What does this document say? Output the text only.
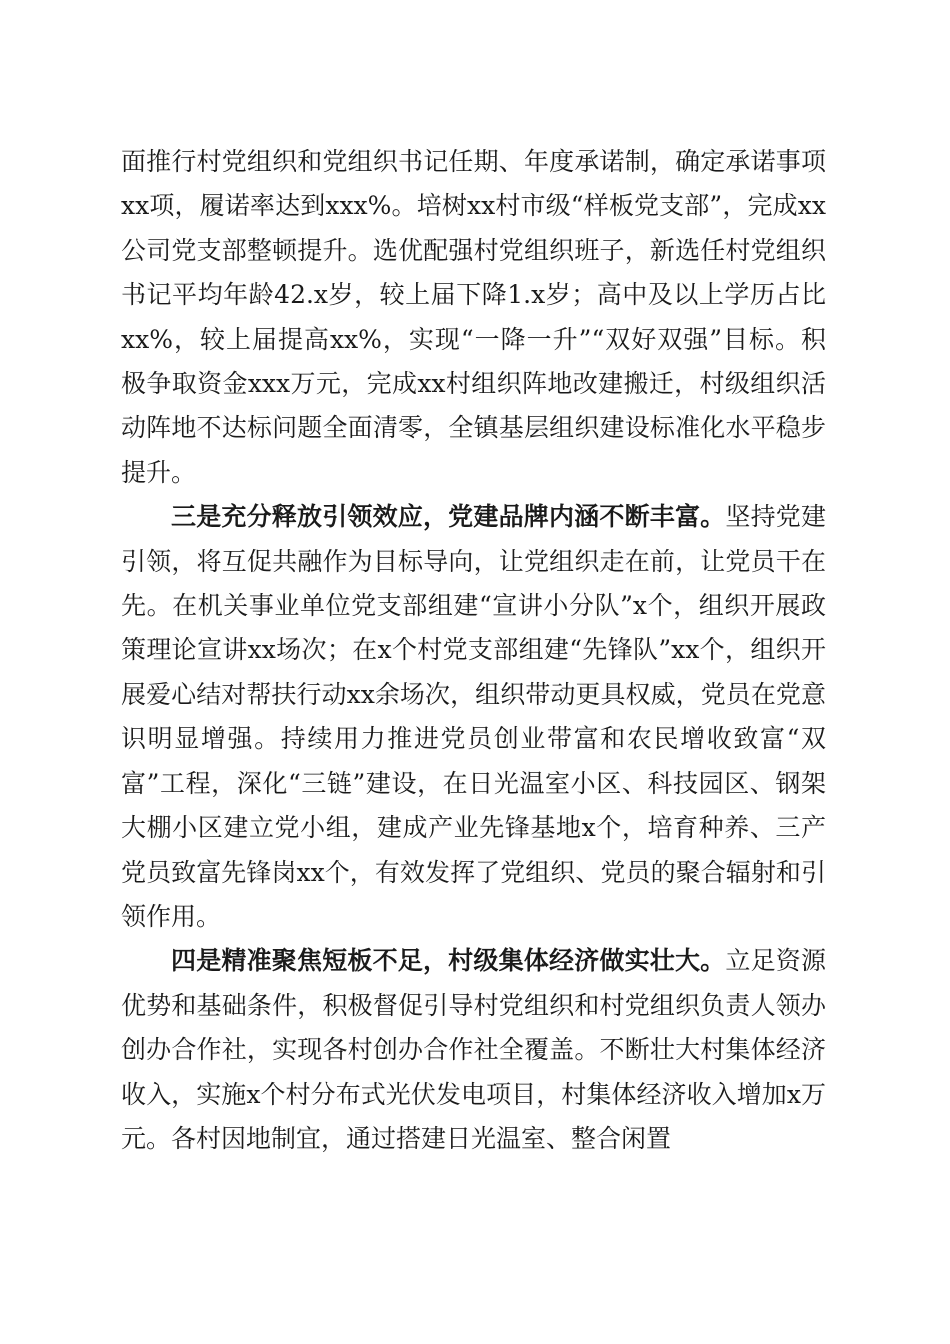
面推行村党组织和党组织书记任期、年度承诺制，确定承诺事项xx项，履诺率达到xxx%。培树xx村市级“样板党支部”，完成xx公司党支部整顿提升。选优配强村党组织班子，新选任村党组织书记平均年龄42.x岁，较上届下降1.x岁；高中及以上学历占比xx%，较上届提高xx%，实现“一降一升”“双好双强”目标。积极争取资金xxx万元，完成xx村组织阵地改建搬迁，村级组织活动阵地不达标问题全面清零，全镇基层组织建设标准化水平稳步提升。

三是充分释放引领效应，党建品牌内涵不断丰富。坚持党建引领，将互促共融作为目标导向，让党组织走在前，让党员干在先。在机关事业单位党支部组建“宣讲小分队”x个，组织开展政策理论宣讲xx场次；在x个村党支部组建“先锋队”xx个，组织开展爱心结对帮扶行动xx余场次，组织带动更具权威，党员在党意识明显增强。持续用力推进党员创业带富和农民增收致富“双富”工程，深化“三链”建设，在日光温室小区、科技园区、钢架大棚小区建立党小组，建成产业先锋基地x个，培育种养、三产党员致富先锋岗xx个，有效发挥了党组织、党员的聚合辐射和引领作用。

四是精准聚焦短板不足，村级集体经济做实壮大。立足资源优势和基础条件，积极督促引导村党组织和村党组织负责人领办创办合作社，实现各村创办合作社全覆盖。不断壮大村集体经济收入，实施x个村分布式光伏发电项目，村集体经济收入增加x万元。各村因地制宜，通过搭建日光温室、整合闲置
